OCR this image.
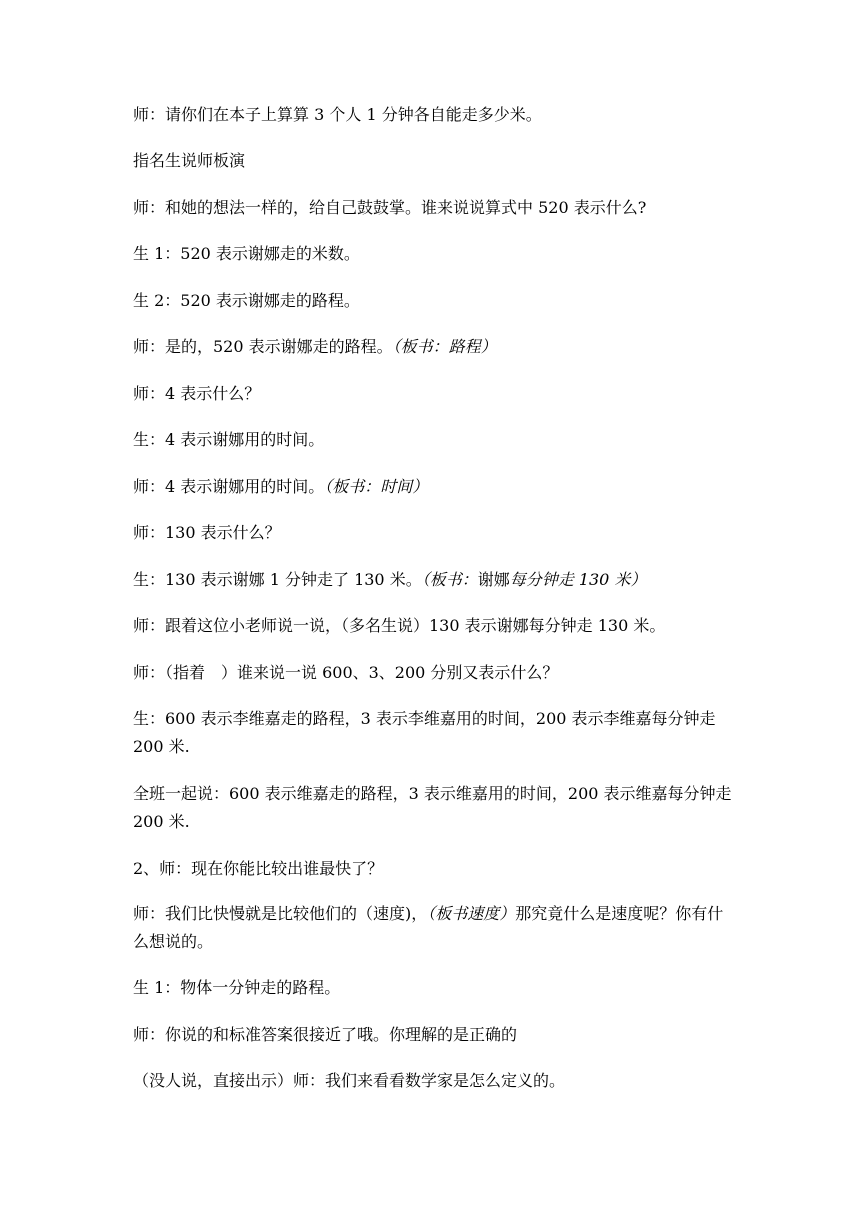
师：请你们在本子上算算 3 个人 1 分钟各自能走多少米。

指名生说师板演

师：和她的想法一样的，给自己鼓鼓掌。谁来说说算式中 520 表示什么?

生 1：520 表示谢娜走的米数。

生 2：520 表示谢娜走的路程。

师：是的，520 表示谢娜走的路程。（板书：路程）

师：4 表示什么？

生：4 表示谢娜用的时间。

师：4 表示谢娜用的时间。（板书：时间）

师：130 表示什么？

生：130 表示谢娜 1 分钟走了 130 米。（板书：谢娜每分钟走 130 米）

师：跟着这位小老师说一说，（多名生说）130 表示谢娜每分钟走 130 米。

师：（指着　）谁来说一说 600、3、200 分别又表示什么？

生：600 表示李维嘉走的路程，3 表示李维嘉用的时间，200 表示李维嘉每分钟走 200 米.

全班一起说：600 表示维嘉走的路程，3 表示维嘉用的时间，200 表示维嘉每分钟走 200 米.

2、师：现在你能比较出谁最快了？

师：我们比快慢就是比较他们的（速度)，（板书速度）那究竟什么是速度呢？你有什么想说的。

生 1：物体一分钟走的路程。

师：你说的和标准答案很接近了哦。你理解的是正确的

（没人说，直接出示）师：我们来看看数学家是怎么定义的。
